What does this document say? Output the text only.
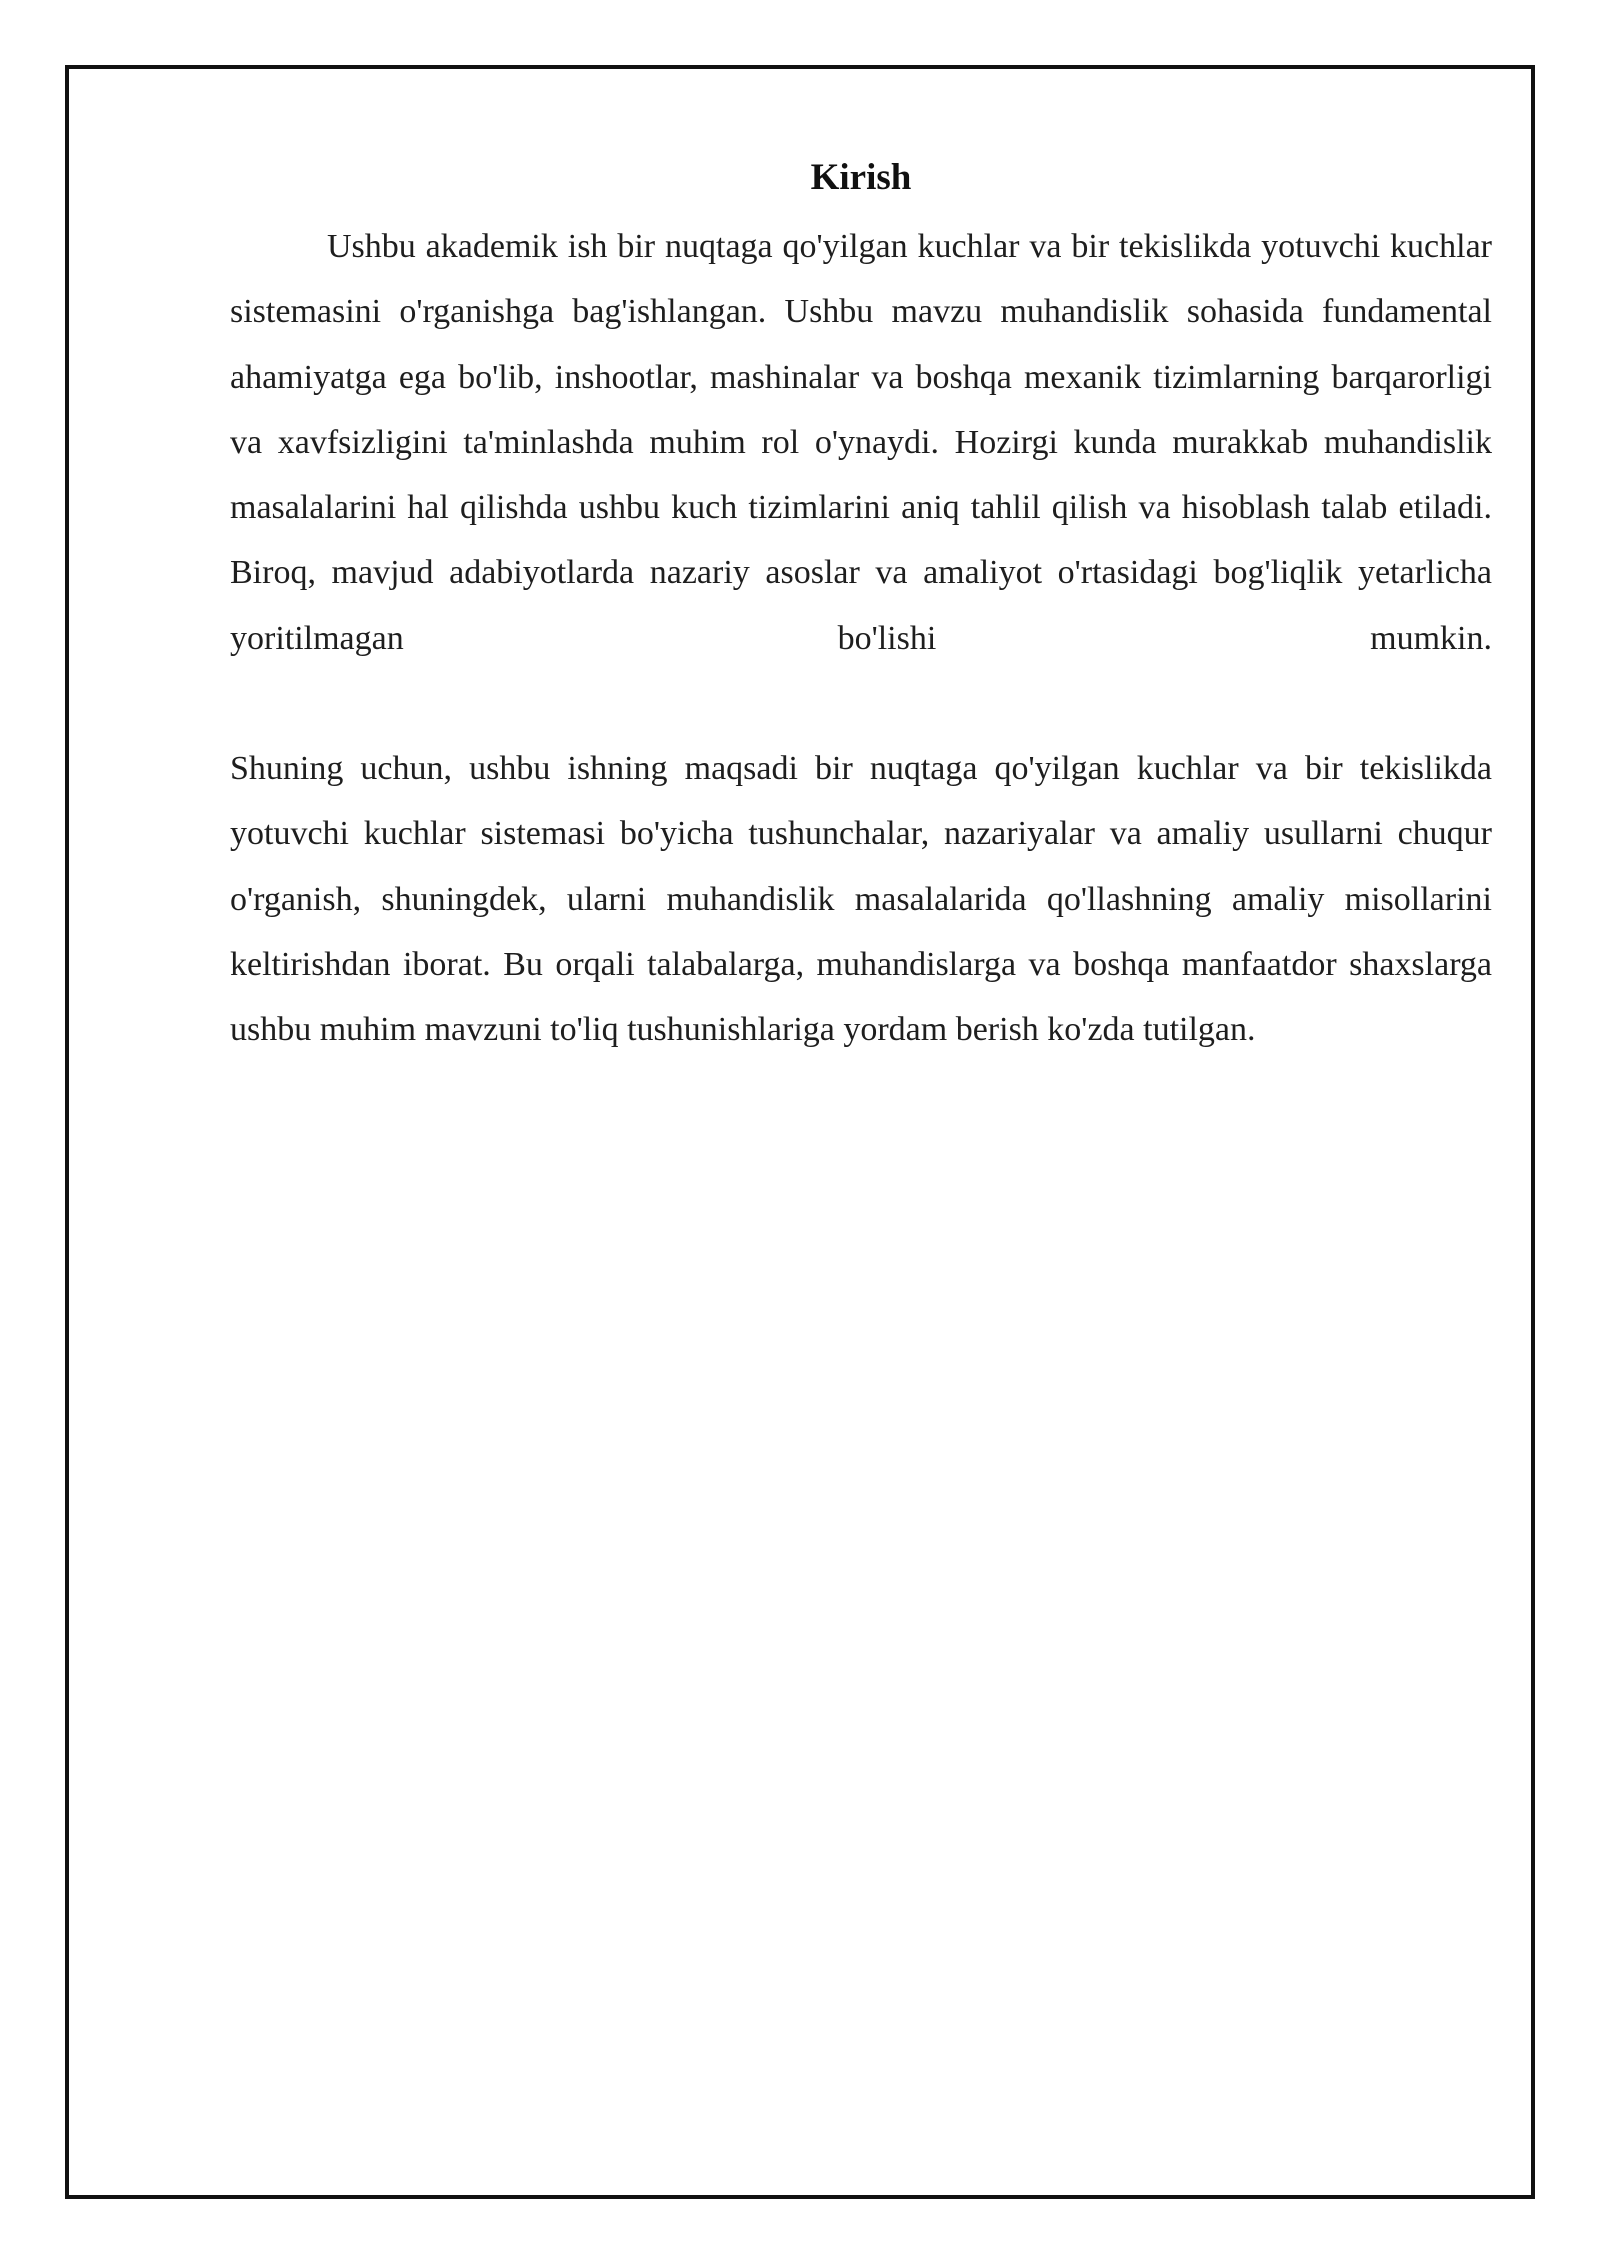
Kirish

Ushbu akademik ish bir nuqtaga qo'yilgan kuchlar va bir tekislikda yotuvchi kuchlar sistemasini o'rganishga bag'ishlangan. Ushbu mavzu muhandislik sohasida fundamental ahamiyatga ega bo'lib, inshootlar, mashinalar va boshqa mexanik tizimlarning barqarorligi va xavfsizligini ta'minlashda muhim rol o'ynaydi. Hozirgi kunda murakkab muhandislik masalalarini hal qilishda ushbu kuch tizimlarini aniq tahlil qilish va hisoblash talab etiladi. Biroq, mavjud adabiyotlarda nazariy asoslar va amaliyot o'rtasidagi bog'liqlik yetarlicha yoritilmagan bo'lishi mumkin.

Shuning uchun, ushbu ishning maqsadi bir nuqtaga qo'yilgan kuchlar va bir tekislikda yotuvchi kuchlar sistemasi bo'yicha tushunchalar, nazariyalar va amaliy usullarni chuqur o'rganish, shuningdek, ularni muhandislik masalalarida qo'llashning amaliy misollarini keltirishdan iborat. Bu orqali talabalarga, muhandislarga va boshqa manfaatdor shaxslarga ushbu muhim mavzuni to'liq tushunishlariga yordam berish ko'zda tutilgan.
